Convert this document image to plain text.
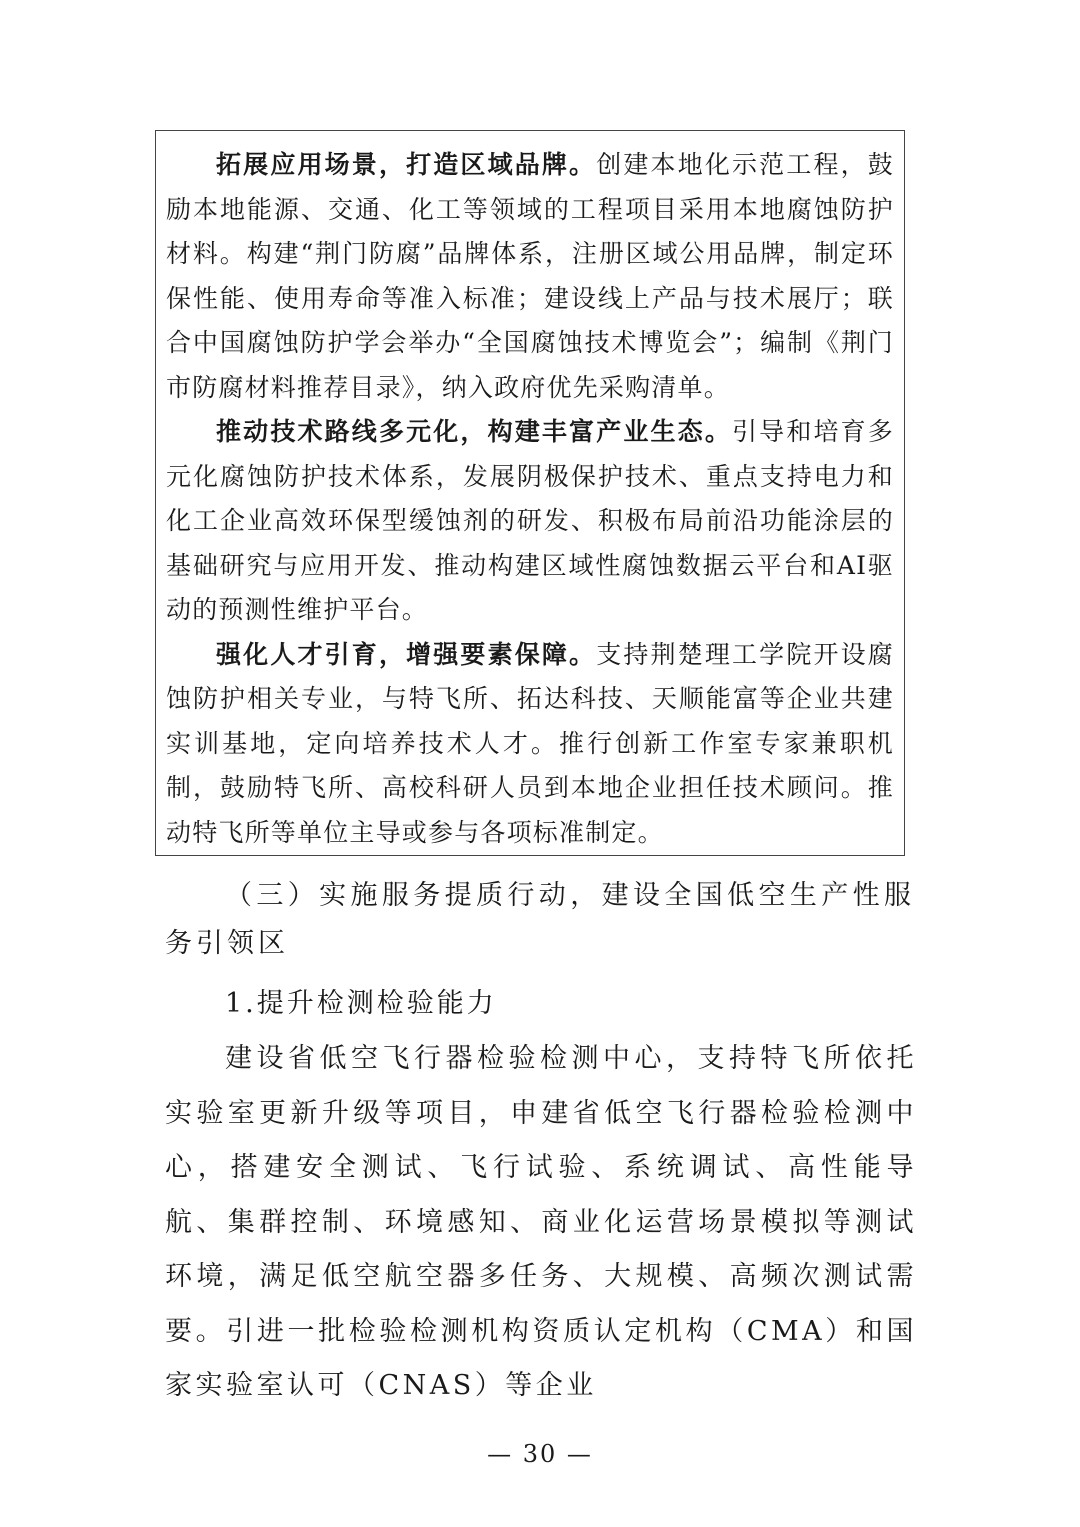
拓展应用场景，打造区域品牌。创建本地化示范工程，鼓励本地能源、交通、化工等领域的工程项目采用本地腐蚀防护材料。构建“荆门防腐”品牌体系，注册区域公用品牌，制定环保性能、使用寿命等准入标准；建设线上产品与技术展厅；联合中国腐蚀防护学会举办“全国腐蚀技术博览会”；编制《荆门市防腐材料推荐目录》，纳入政府优先采购清单。

推动技术路线多元化，构建丰富产业生态。引导和培育多元化腐蚀防护技术体系，发展阴极保护技术、重点支持电力和化工企业高效环保型缓蚀剂的研发、积极布局前沿功能涂层的基础研究与应用开发、推动构建区域性腐蚀数据云平台和AI驱动的预测性维护平台。

强化人才引育，增强要素保障。支持荆楚理工学院开设腐蚀防护相关专业，与特飞所、拓达科技、天顺能富等企业共建实训基地，定向培养技术人才。推行创新工作室专家兼职机制，鼓励特飞所、高校科研人员到本地企业担任技术顾问。推动特飞所等单位主导或参与各项标准制定。

（三）实施服务提质行动，建设全国低空生产性服务引领区

1.提升检测检验能力

建设省低空飞行器检验检测中心，支持特飞所依托实验室更新升级等项目，申建省低空飞行器检验检测中心，搭建安全测试、飞行试验、系统调试、高性能导航、集群控制、环境感知、商业化运营场景模拟等测试环境，满足低空航空器多任务、大规模、高频次测试需要。引进一批检验检测机构资质认定机构（CMA）和国家实验室认可（CNAS）等企业

— 30 —
